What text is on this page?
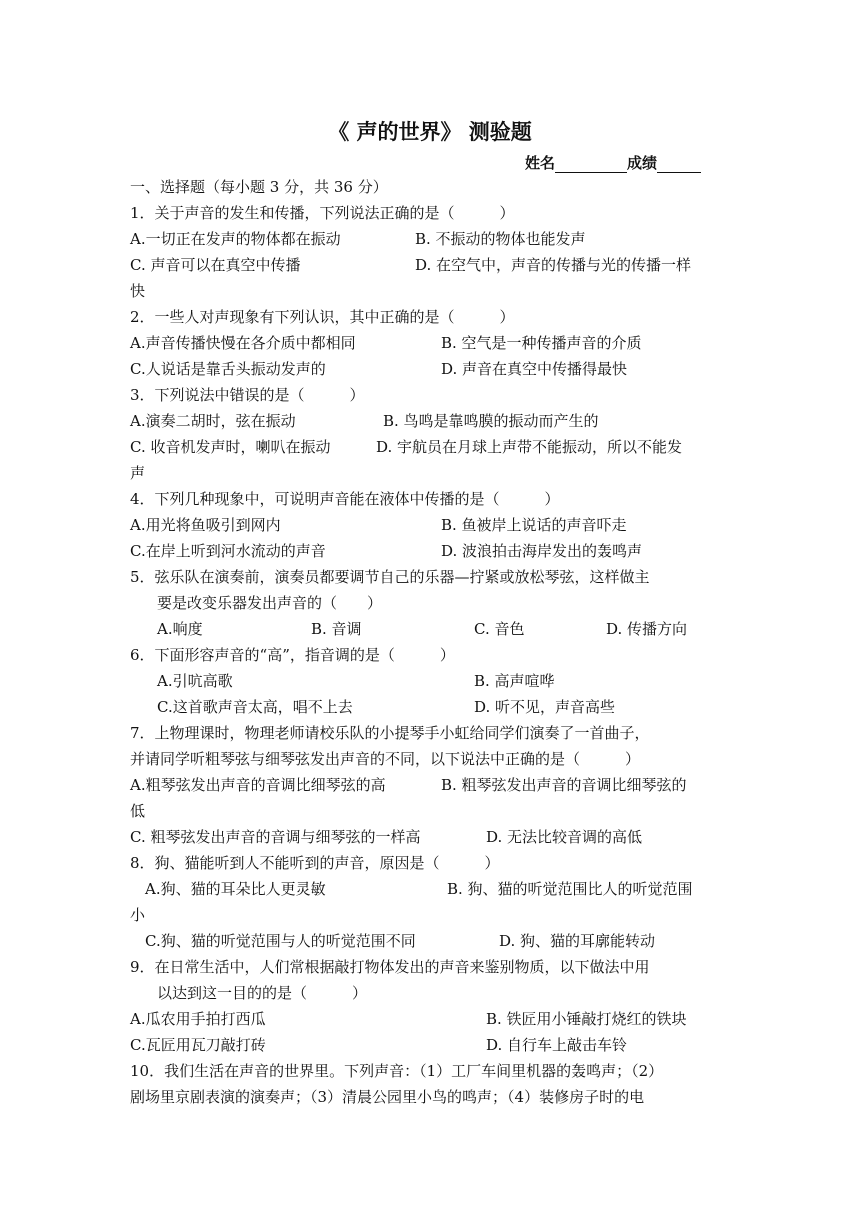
《 声的世界》 测验题
姓名	成绩
一、选择题（每小题 3 分，共 36 分）
1．关于声音的发生和传播，下列说法正确的是（　　　）
A.一切正在发声的物体都在振动	B. 不振动的物体也能发声
C. 声音可以在真空中传播	D. 在空气中，声音的传播与光的传播一样
快
2．一些人对声现象有下列认识，其中正确的是（　　　）
A.声音传播快慢在各介质中都相同	B. 空气是一种传播声音的介质
C.人说话是靠舌头振动发声的	D. 声音在真空中传播得最快
3．下列说法中错误的是（　　　）
A.演奏二胡时，弦在振动	B. 鸟鸣是靠鸣膜的振动而产生的
C. 收音机发声时，喇叭在振动	D. 宇航员在月球上声带不能振动，所以不能发
声
4．下列几种现象中，可说明声音能在液体中传播的是（　　　）
A.用光将鱼吸引到网内	B. 鱼被岸上说话的声音吓走
C.在岸上听到河水流动的声音	D. 波浪拍击海岸发出的轰鸣声
5．弦乐队在演奏前，演奏员都要调节自己的乐器—拧紧或放松琴弦，这样做主
要是改变乐器发出声音的（　　）
A.响度	B. 音调	C. 音色	D. 传播方向
6．下面形容声音的“高”，指音调的是（　　　）
A.引吭高歌	B. 高声喧哗
C.这首歌声音太高，唱不上去	D. 听不见，声音高些
7．上物理课时，物理老师请校乐队的小提琴手小虹给同学们演奏了一首曲子，
并请同学听粗琴弦与细琴弦发出声音的不同，以下说法中正确的是（　　　）
A.粗琴弦发出声音的音调比细琴弦的高	B. 粗琴弦发出声音的音调比细琴弦的
低
C. 粗琴弦发出声音的音调与细琴弦的一样高	D. 无法比较音调的高低
8．狗、猫能听到人不能听到的声音，原因是（　　　）
A.狗、猫的耳朵比人更灵敏	B. 狗、猫的听觉范围比人的听觉范围
小
C.狗、猫的听觉范围与人的听觉范围不同	D. 狗、猫的耳廓能转动
9．在日常生活中，人们常根据敲打物体发出的声音来鉴别物质，以下做法中用
以达到这一目的的是（　　　）
A.瓜农用手拍打西瓜	B. 铁匠用小锤敲打烧红的铁块
C.瓦匠用瓦刀敲打砖	D. 自行车上敲击车铃
10．我们生活在声音的世界里。下列声音：（1）工厂车间里机器的轰鸣声；（2）
剧场里京剧表演的演奏声；（3）清晨公园里小鸟的鸣声；（4）装修房子时的电
